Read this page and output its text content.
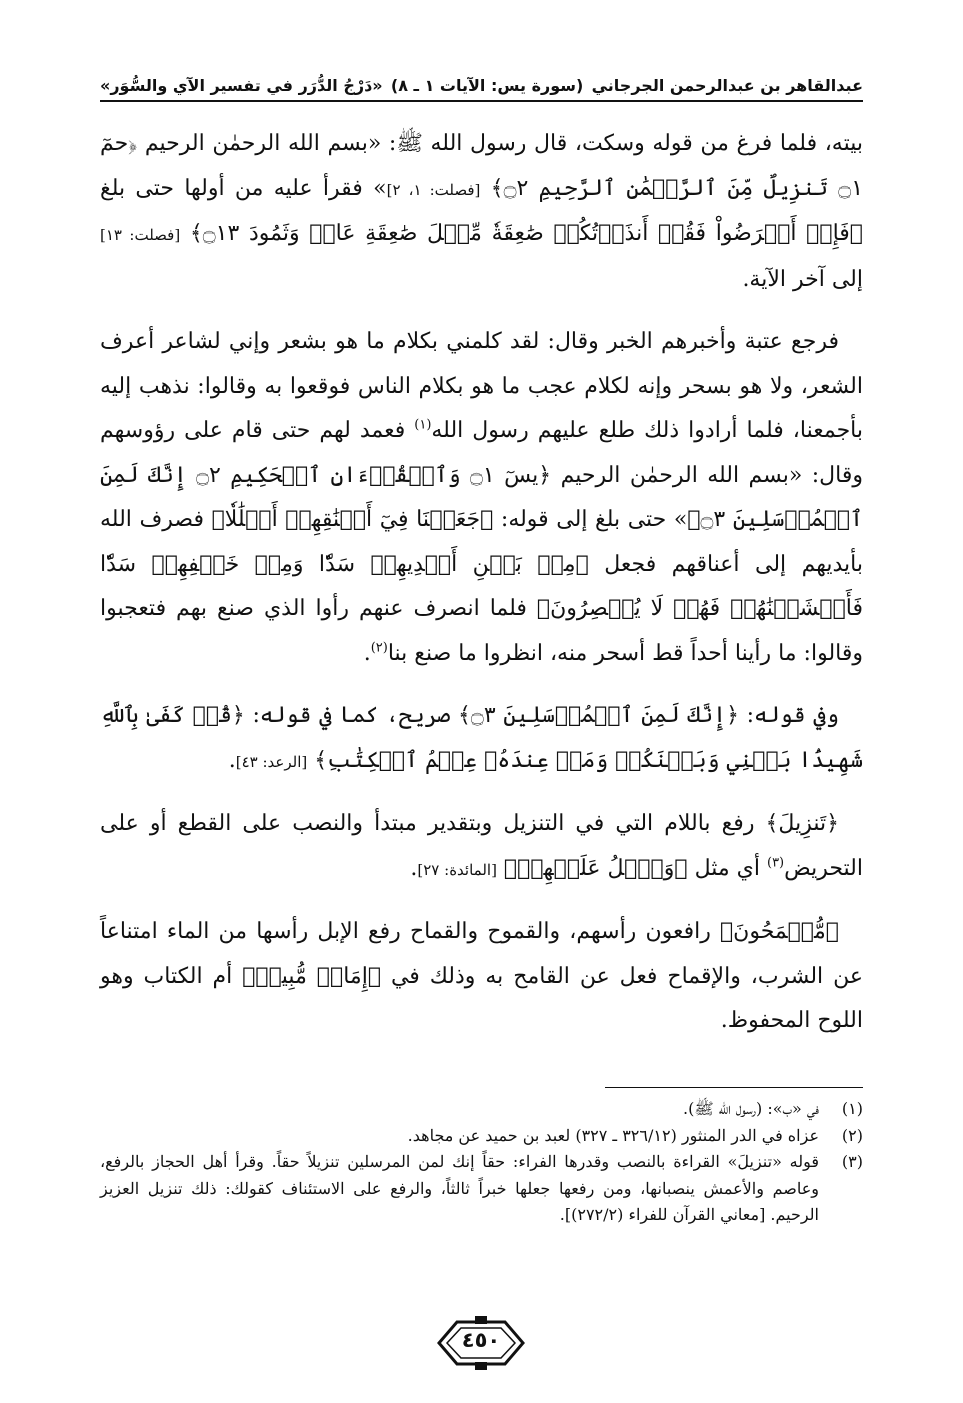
عبدالقاهر بن عبدالرحمن الجرجاني
(سورة يس: الآيات ١ ـ ٨)
«دَرْجُ الدُّرَر في تفسير الآي والسُّوَر»

بيته، فلما فرغ من قوله وسكت، قال رسول الله ﷺ: «بسم الله الرحمٰن الرحيم ﴿حمٓ ۝١ تَنزِيلٌ مِّنَ ٱلرَّحۡمَٰنِ ٱلرَّحِيمِ ۝٢﴾ [فصلت: ١، ٢]» فقرأ عليه من أولها حتى بلغ ﴿فَإِنۡ أَعۡرَضُواْ فَقُلۡ أَنذَرۡتُكُمۡ صَٰعِقَةٗ مِّثۡلَ صَٰعِقَةِ عَادٖ وَثَمُودَ ۝١٣﴾ [فصلت: ١٣] إلى آخر الآية.

فرجع عتبة وأخبرهم الخبر وقال: لقد كلمني بكلام ما هو بشعر وإني لشاعر أعرف الشعر، ولا هو بسحر وإنه لكلام عجب ما هو بكلام الناس فوقعوا به وقالوا: نذهب إليه بأجمعنا، فلما أرادوا ذلك طلع عليهم رسول الله$^{(١)}$ فعمد لهم حتى قام على رؤوسهم وقال: «بسم الله الرحمٰن الرحيم ﴿يسٓ ۝١ وَٱلۡقُرۡءَانِ ٱلۡحَكِيمِ ۝٢ إِنَّكَ لَمِنَ ٱلۡمُرۡسَلِينَ ۝٣﴾» حتى بلغ إلى قوله: ﴿جَعَلۡنَا فِيٓ أَعۡنَٰقِهِمۡ أَغۡلَٰلٗا﴾ فصرف الله بأيديهم إلى أعناقهم فجعل ﴿مِنۢ بَيۡنِ أَيۡدِيهِمۡ سَدّٗا وَمِنۡ خَلۡفِهِمۡ سَدّٗا فَأَغۡشَيۡنَٰهُمۡ فَهُمۡ لَا يُبۡصِرُونَ﴾ فلما انصرف عنهم رأوا الذي صنع بهم فتعجبوا وقالوا: ما رأينا أحداً قط أسحر منه، انظروا ما صنع بنا$^{(٢)}$.

وفي قوله: ﴿إِنَّكَ لَمِنَ ٱلۡمُرۡسَلِينَ ۝٣﴾ صريح، كما في قوله: ﴿قُلۡ كَفَىٰ بِٱللَّهِ شَهِيدَۢا بَيۡنِي وَبَيۡنَكُمۡ وَمَنۡ عِندَهُۥ عِلۡمُ ٱلۡكِتَٰبِ﴾ [الرعد: ٤٣].

﴿تَنزِيلَ﴾ رفع باللام التي في التنزيل وبتقدير مبتدأ والنصب على القطع أو على التحريض$^{(٣)}$ أي مثل ﴿وَٱتۡلُ عَلَيۡهِمۡ﴾ [المائدة: ٢٧].

﴿مُّقۡمَحُونَ﴾ رافعون رأسهم، والقموح والقماح رفع الإبل رأسها من الماء امتناعاً عن الشرب، والإقماح فعل عن القامح به وذلك في ﴿إِمَامٖ مُّبِينٖ﴾ أم الكتاب وهو اللوح المحفوظ.

(١)
في «ب»: (رسول الله ﷺ).
(٢)
عزاه في الدر المنثور (٣٢٦/١٢ ـ ٣٢٧) لعبد بن حميد عن مجاهد.
(٣)
قوله «تنزيلَ» القراءة بالنصب وقدرها الفراء: حقاً إنك لمن المرسلين تنزيلاً حقاً. وقرأ أهل الحجاز بالرفع، وعاصم والأعمش ينصبانها، ومن رفعها جعلها خبراً ثالثاً، والرفع على الاستئناف كقولك: ذلك تنزيل العزيز الرحيم. [معاني القرآن للفراء (٢٧٢/٢)].
٤٥٠
